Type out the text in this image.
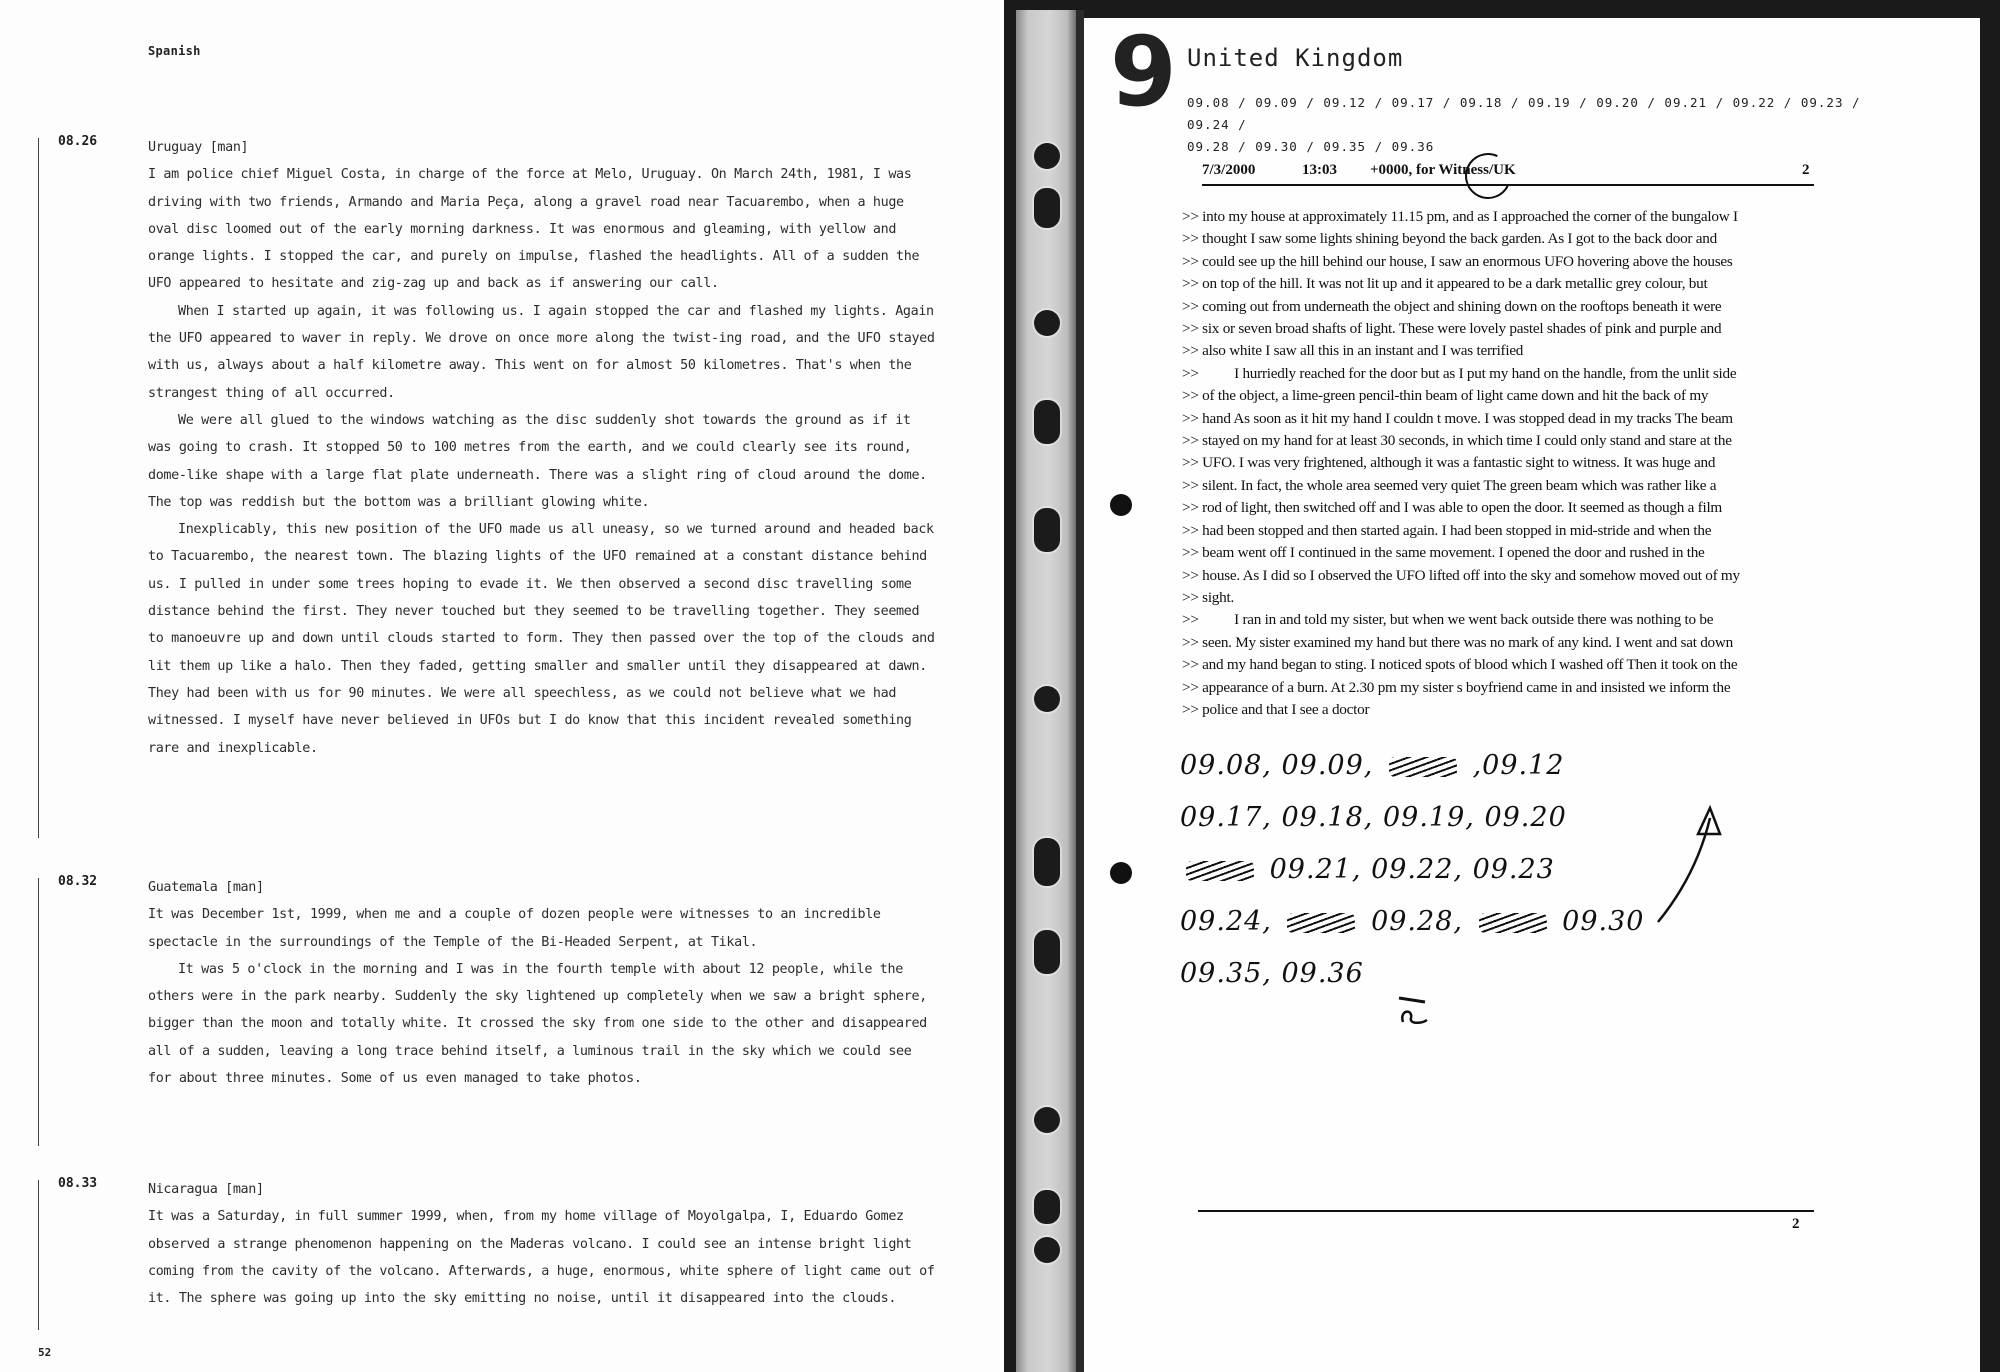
Spanish
08.26	Uruguay [man]

I am police chief Miguel Costa, in charge of the force at Melo, Uruguay. On March 24th, 1981, I was driving with two friends, Armando and Maria Peça, along a gravel road near Tacuarembo, when a huge oval disc loomed out of the early morning darkness. It was enormous and gleaming, with yellow and orange lights. I stopped the car, and purely on impulse, flashed the headlights. All of a sudden the UFO appeared to hesitate and zig-zag up and back as if answering our call.

When I started up again, it was following us. I again stopped the car and flashed my lights. Again the UFO appeared to waver in reply. We drove on once more along the twist-ing road, and the UFO stayed with us, always about a half kilometre away. This went on for almost 50 kilometres. That's when the strangest thing of all occurred.

We were all glued to the windows watching as the disc suddenly shot towards the ground as if it was going to crash. It stopped 50 to 100 metres from the earth, and we could clearly see its round, dome-like shape with a large flat plate underneath. There was a slight ring of cloud around the dome. The top was reddish but the bottom was a brilliant glowing white.

Inexplicably, this new position of the UFO made us all uneasy, so we turned around and headed back to Tacuarembo, the nearest town. The blazing lights of the UFO remained at a constant distance behind us. I pulled in under some trees hoping to evade it. We then observed a second disc travelling some distance behind the first. They never touched but they seemed to be travelling together. They seemed to manoeuvre up and down until clouds started to form. They then passed over the top of the clouds and lit them up like a halo. Then they faded, getting smaller and smaller until they disappeared at dawn. They had been with us for 90 minutes. We were all speechless, as we could not believe what we had witnessed. I myself have never believed in UFOs but I do know that this incident revealed something rare and inexplicable.

08.32	Guatemala [man]

It was December 1st, 1999, when me and a couple of dozen people were witnesses to an incredible spectacle in the surroundings of the Temple of the Bi-Headed Serpent, at Tikal.

It was 5 o'clock in the morning and I was in the fourth temple with about 12 people, while the others were in the park nearby. Suddenly the sky lightened up completely when we saw a bright sphere, bigger than the moon and totally white. It crossed the sky from one side to the other and disappeared all of a sudden, leaving a long trace behind itself, a luminous trail in the sky which we could see for about three minutes. Some of us even managed to take photos.

08.33	Nicaragua [man]

It was a Saturday, in full summer 1999, when, from my home village of Moyolgalpa, I, Eduardo Gomez observed a strange phenomenon happening on the Maderas volcano. I could see an intense bright light coming from the cavity of the volcano. Afterwards, a huge, enormous, white sphere of light came out of it. The sphere was going up into the sky emitting no noise, until it disappeared into the clouds.

52
9 United Kingdom
09.08 / 09.09 / 09.12 / 09.17 / 09.18 / 09.19 / 09.20 / 09.21 / 09.22 / 09.23 / 09.24 /
09.28 / 09.30 / 09.35 / 09.36
7/3/2000	13:03 +0000, for Witness/UK	2
>> into my house at approximately 11.15 pm, and as I approached the corner of the bungalow I
>> thought I saw some lights shining beyond the back garden. As I got to the back door and
>> could see up the hill behind our house, I saw an enormous UFO hovering above the houses
>> on top of the hill. It was not lit up and it appeared to be a dark metallic grey colour, but
>> coming out from underneath the object and shining down on the rooftops beneath it were
>> six or seven broad shafts of light. These were lovely pastel shades of pink and purple and
>> also white I saw all this in an instant and I was terrified
>>          I hurriedly reached for the door but as I put my hand on the handle, from the unlit side
>> of the object, a lime-green pencil-thin beam of light came down and hit the back of my
>> hand As soon as it hit my hand I couldn t move. I was stopped dead in my tracks The beam
>> stayed on my hand for at least 30 seconds, in which time I could only stand and stare at the
>> UFO. I was very frightened, although it was a fantastic sight to witness. It was huge and
>> silent. In fact, the whole area seemed very quiet The green beam which was rather like a
>> rod of light, then switched off and I was able to open the door. It seemed as though a film
>> had been stopped and then started again. I had been stopped in mid-stride and when the
>> beam went off I continued in the same movement. I opened the door and rushed in the
>> house. As I did so I observed the UFO lifted off into the sky and somehow moved out of my
>> sight.
>>          I ran in and told my sister, but when we went back outside there was nothing to be
>> seen. My sister examined my hand but there was no mark of any kind. I went and sat down
>> and my hand began to sting. I noticed spots of blood which I washed off Then it took on the
>> appearance of a burn. At 2.30 pm my sister s boyfriend came in and insisted we inform the
>> police and that I see a doctor
09.08, 09.09,	,09.12
09.17, 09.18, 09.19, 09.20
09.21, 09.22, 09.23
09.24,	09.28,	09.30
09.35, 09.36
2
